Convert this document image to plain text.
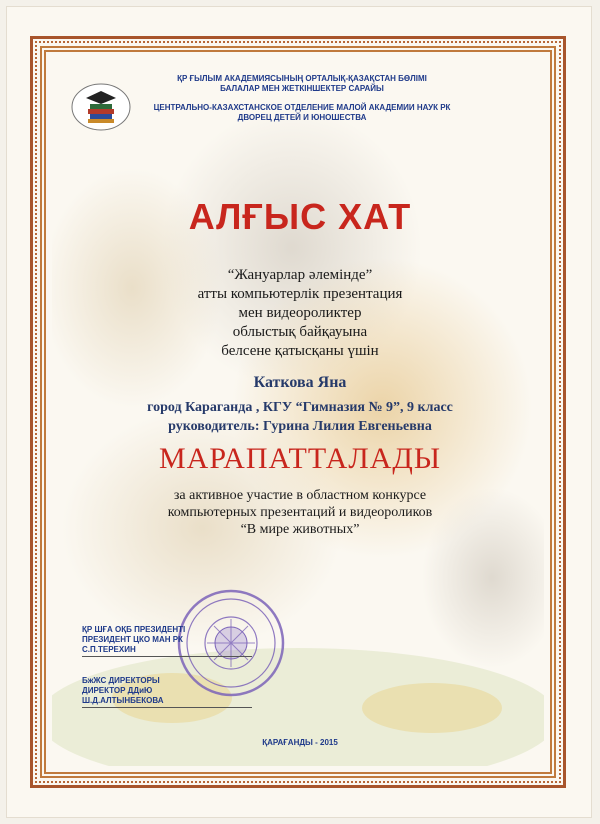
ҚР ҒЫЛЫМ АКАДЕМИЯСЫНЫҢ ОРТАЛЫҚ-ҚАЗАҚСТАН БӨЛІМІ
БАЛАЛАР МЕН ЖЕТКІНШЕКТЕР САРАЙЫ
ЦЕНТРАЛЬНО-КАЗАХСТАНСКОЕ ОТДЕЛЕНИЕ МАЛОЙ АКАДЕМИИ НАУК РК
ДВОРЕЦ ДЕТЕЙ И ЮНОШЕСТВА
АЛҒЫС ХАТ
“Жануарлар әлемінде”
атты компьютерлік презентация
мен видеороликтер
облыстық байқауына
белсене қатысқаны үшін
Каткова Яна
город Караганда , КГУ “Гимназия № 9”, 9 класс
руководитель: Гурина Лилия Евгеньевна
МАРАПАТТАЛАДЫ
за активное участие в областном конкурсе
компьютерных презентаций и видеороликов
“В мире животных”
ҚР ШҒА ОҚБ ПРЕЗИДЕНТІ
ПРЕЗИДЕНТ ЦКО МАН РК
С.П.ТЕРЕХИН
БжЖС ДИРЕКТОРЫ
ДИРЕКТОР ДДиЮ
Ш.Д.АЛТЫНБЕКОВА
ҚАРАҒАНДЫ - 2015
